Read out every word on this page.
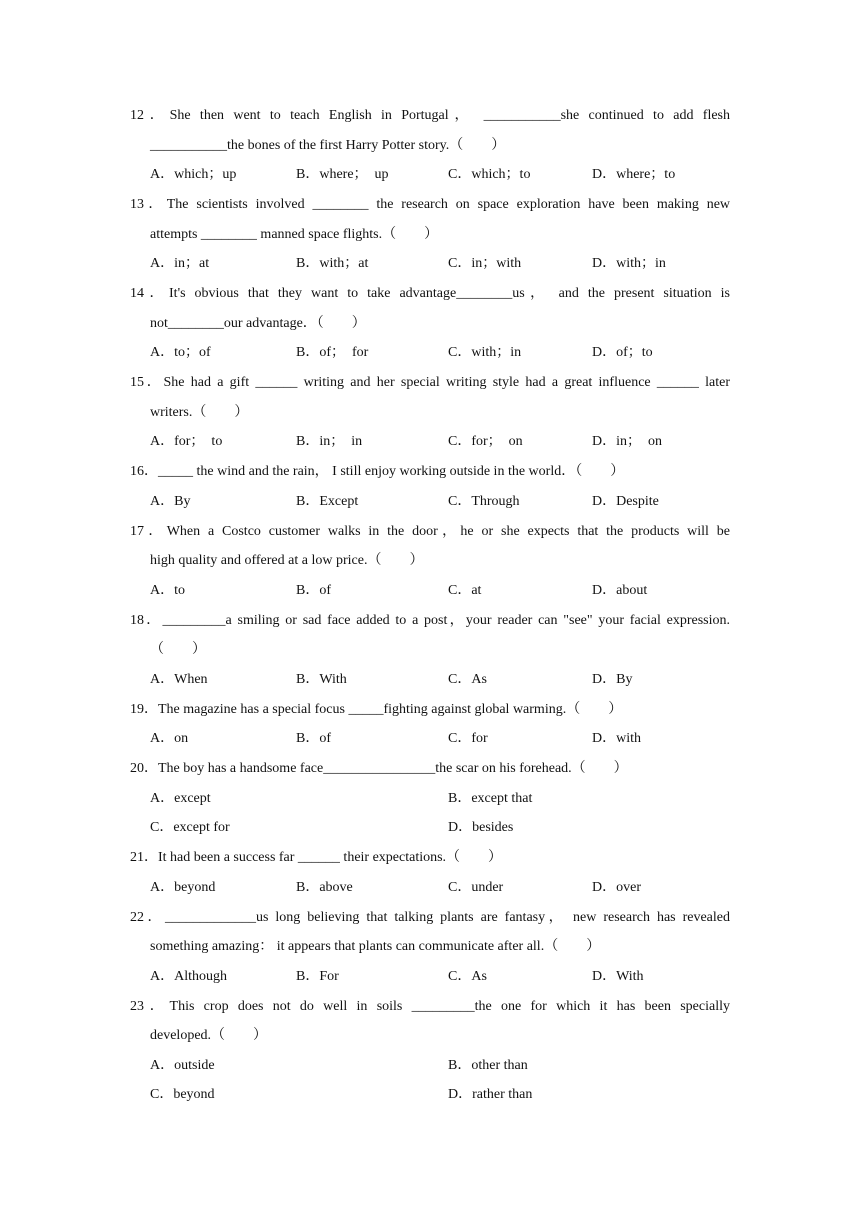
12．She then went to teach English in Portugal， ___________she continued to add flesh
___________the bones of the first Harry Potter story.（　　）
A．which；up	B．where；　up	C．which；to	D．where；to
13．The scientists involved ________ the research on space exploration have been making new
attempts ________ manned space flights.（　　）
A．in；at	B．with；at	C．in；with	D．with；in
14．It's obvious that they want to take advantage________us， and the present situation is
not________our advantage．（　　）
A．to；of	B．of；　for	C．with；in	D．of；to
15．She had a gift ______ writing and her special writing style had a great influence ______ later
writers.（　　）
A．for；　to	B．in；　in	C．for；　on	D．in；　on
16．_____ the wind and the rain， I still enjoy working outside in the world．（　　）
A．By	B．Except	C．Through	D．Despite
17．When a Costco customer walks in the door，he or she expects that the products will be
high quality and offered at a low price.（　　）
A．to	B．of	C．at	D．about
18．_________a smiling or sad face added to a post，your reader can "see" your facial expression.
（　　）
A．When	B．With	C．As	D．By
19．The magazine has a special focus _____fighting against global warming.（　　）
A．on	B．of	C．for	D．with
20．The boy has a handsome face________________the scar on his forehead.（　　）
A．except	B．except that
C．except for	D．besides
21．It had been a success far ______ their expectations.（　　）
A．beyond	B．above	C．under	D．over
22．_____________us long believing that talking plants are fantasy， new research has revealed
something amazing： it appears that plants can communicate after all.（　　）
A．Although	B．For	C．As	D．With
23．This crop does not do well in soils _________the one for which it has been specially
developed.（　　）
A．outside	B．other than
C．beyond	D．rather than
